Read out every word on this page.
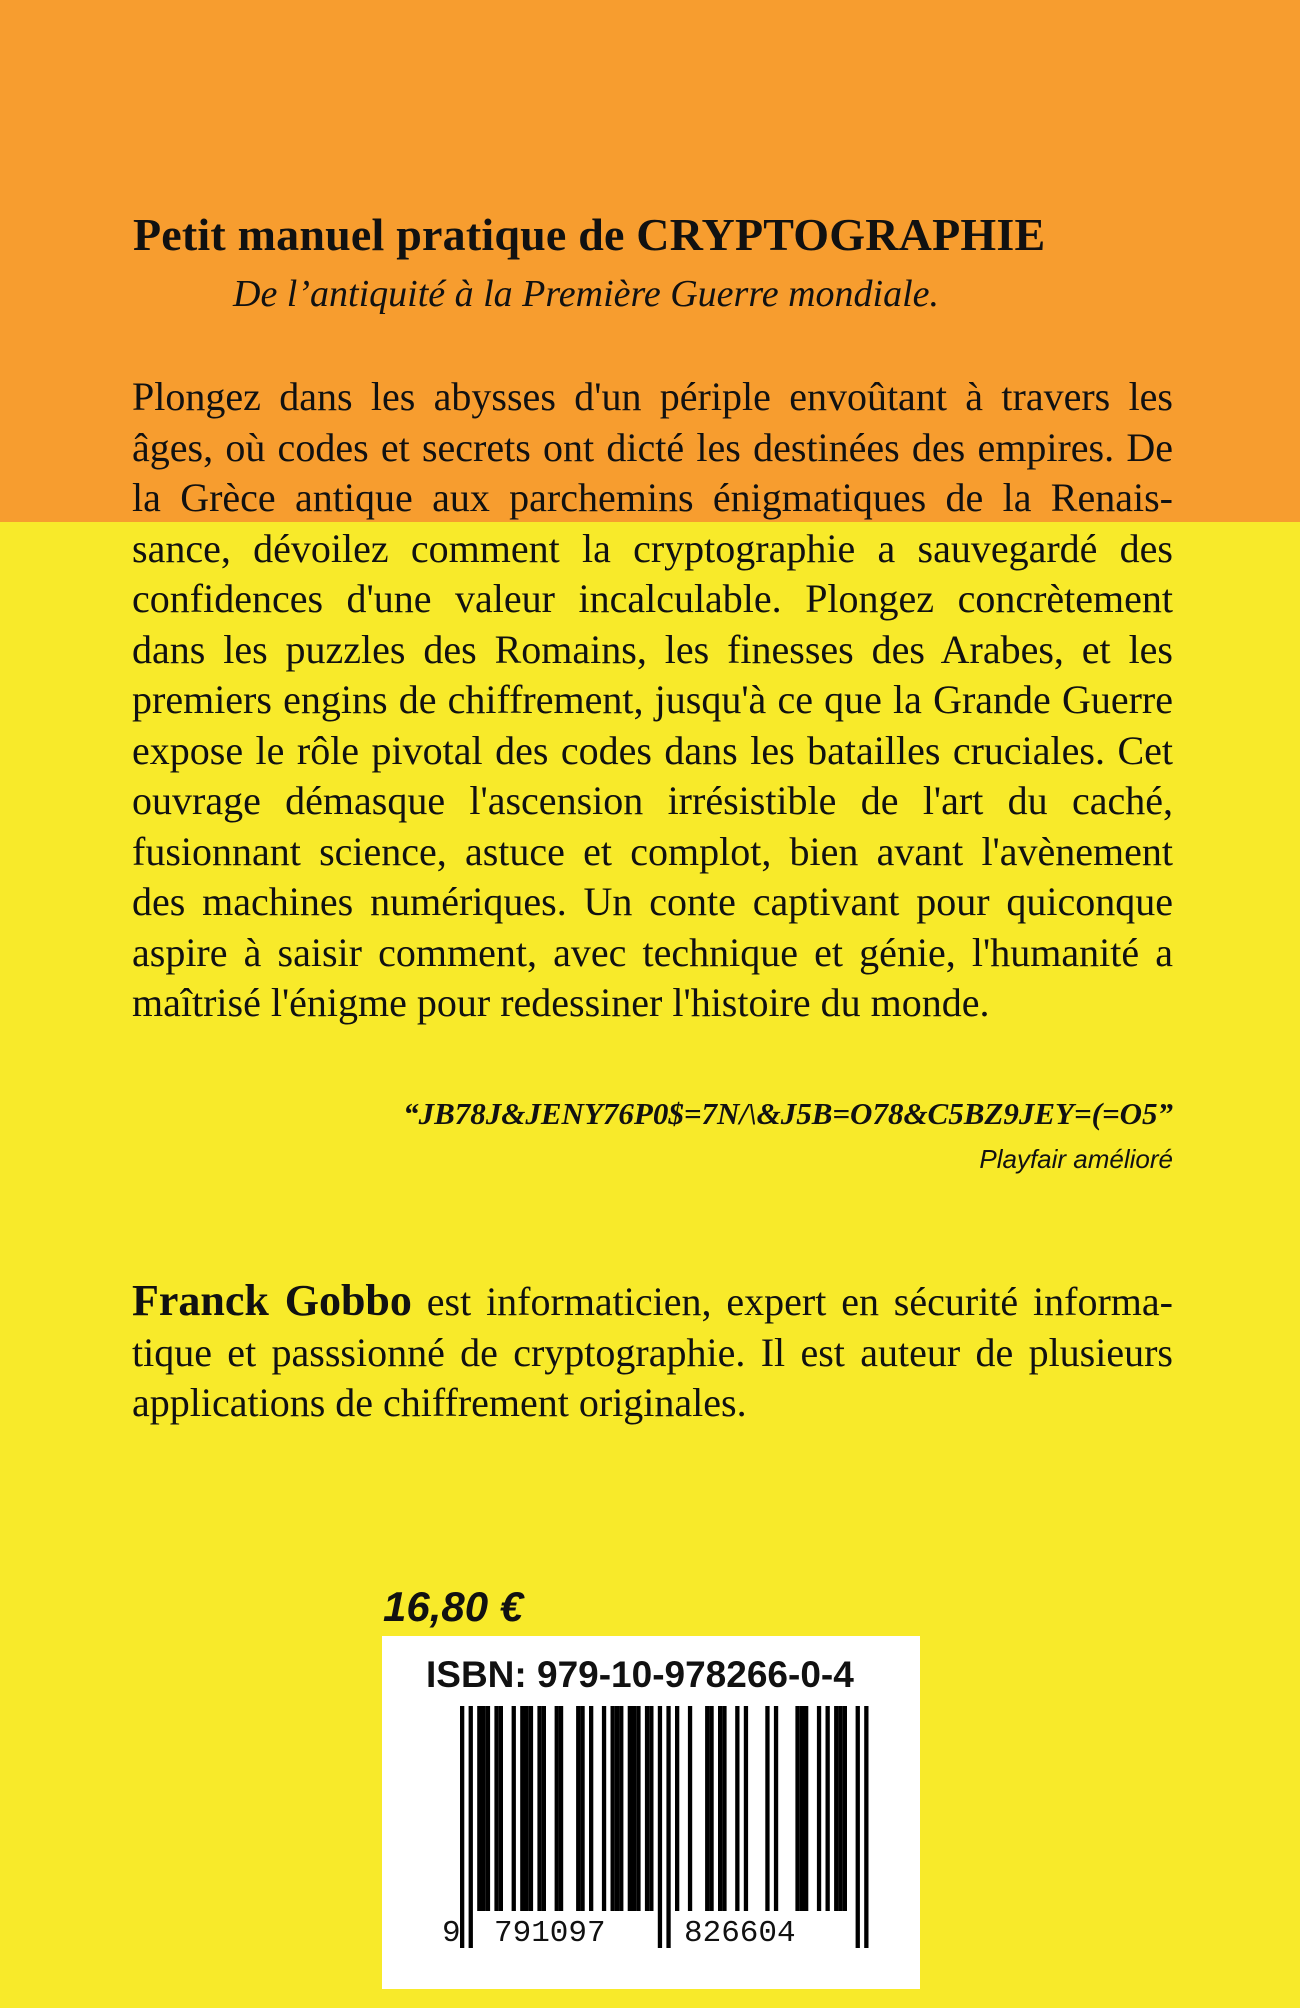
Petit manuel pratique de CRYPTOGRAPHIE
De l’antiquité à la Première Guerre mondiale.

Plongez dans les abysses d'un périple envoûtant à travers les âges, où codes et secrets ont dicté les destinées des empires. De la Grèce antique aux parchemins énigmatiques de la Renaissance, dévoilez comment la cryptographie a sauvegardé des confidences d'une valeur incalculable. Plongez concrètement dans les puzzles des Romains, les finesses des Arabes, et les premiers engins de chiffrement, jusqu'à ce que la Grande Guerre expose le rôle pivotal des codes dans les batailles cruciales. Cet ouvrage démasque l'ascension irrésistible de l'art du caché, fusionnant science, astuce et complot, bien avant l'avènement des machines numériques. Un conte captivant pour quiconque aspire à saisir comment, avec technique et génie, l'humanité a maîtrisé l'énigme pour redessiner l'histoire du monde.

“JB78J&JENY76P0$=7N/\&J5B=O78&C5BZ9JEY=(=O5”
Playfair amélioré

Franck Gobbo est informaticien, expert en sécurité informatique et passsionné de cryptographie. Il est auteur de plusieurs applications de chiffrement originales.

16,80 €
ISBN: 979-10-978266-0-4
9 791097	826604
